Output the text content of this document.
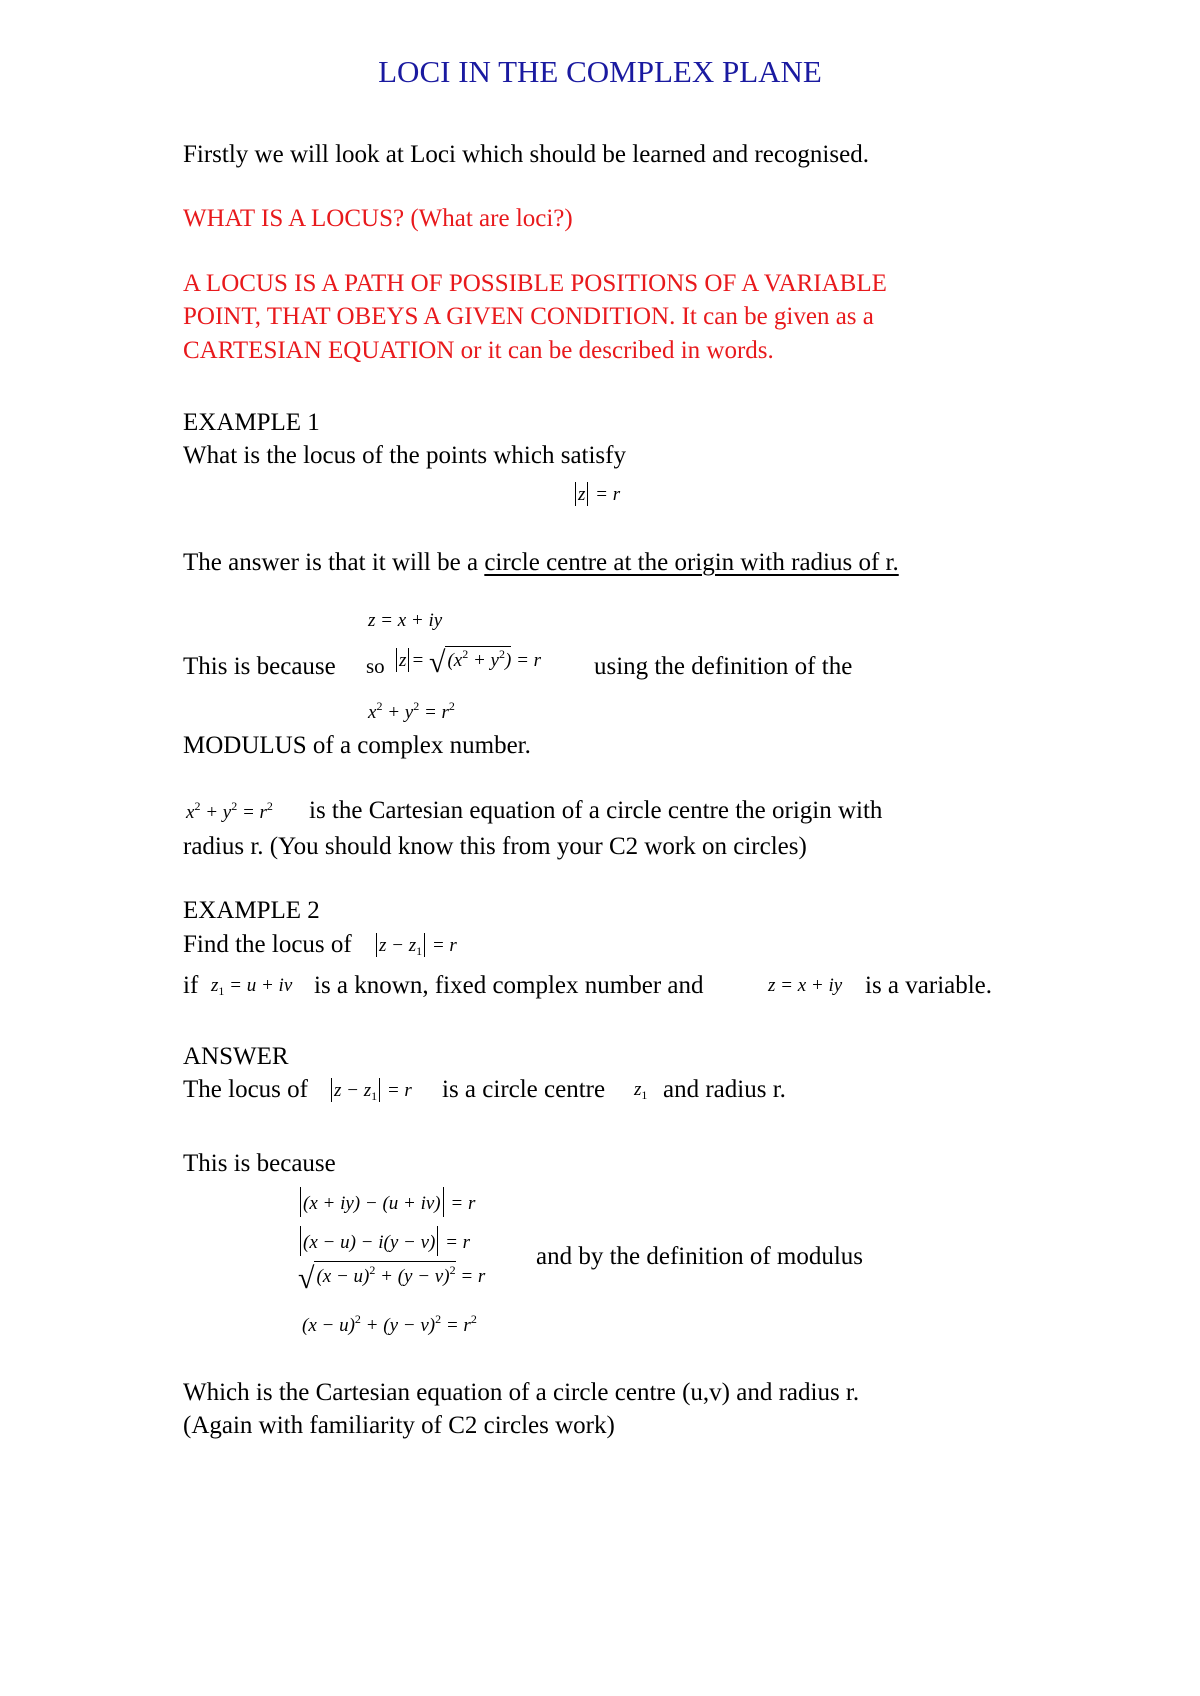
LOCI IN THE COMPLEX PLANE
Firstly we will look at Loci which should be learned and recognised.
WHAT IS A LOCUS? (What are loci?)
A LOCUS IS A PATH OF POSSIBLE POSITIONS OF A VARIABLE
POINT, THAT OBEYS A GIVEN CONDITION. It can be given as a
CARTESIAN EQUATION or it can be described in words.
EXAMPLE 1
What is the locus of the points which satisfy
z = r
The answer is that it will be a circle centre at the origin with radius of r.
z = x + iy
This is because so z = √ $(x^2 + y^2) = r$ using the definition of the
$x^2 + y^2 = r^2$
MODULUS of a complex number.
$x^2 + y^2 = r^2$ is the Cartesian equation of a circle centre the origin with
radius r. (You should know this from your C2 work on circles)
EXAMPLE 2
Find the locus of $z - z_1 = r$
if $z_1 = u$ + iv is a known, fixed complex number and	z = x + iy is a variable.
ANSWER
The locus of $z - z_1 = r$ is a circle centre $z_1$ and radius r.
This is because
(x + iy) − (u + iv) = r
(x − u) − i(y − v) = r
√ $(x - u)^2 + (y - v)^2 = r$
and by the definition of modulus
$(x - u)^2 + (y - v)^2 = r^2$
Which is the Cartesian equation of a circle centre (u,v) and radius r.
(Again with familiarity of C2 circles work)
